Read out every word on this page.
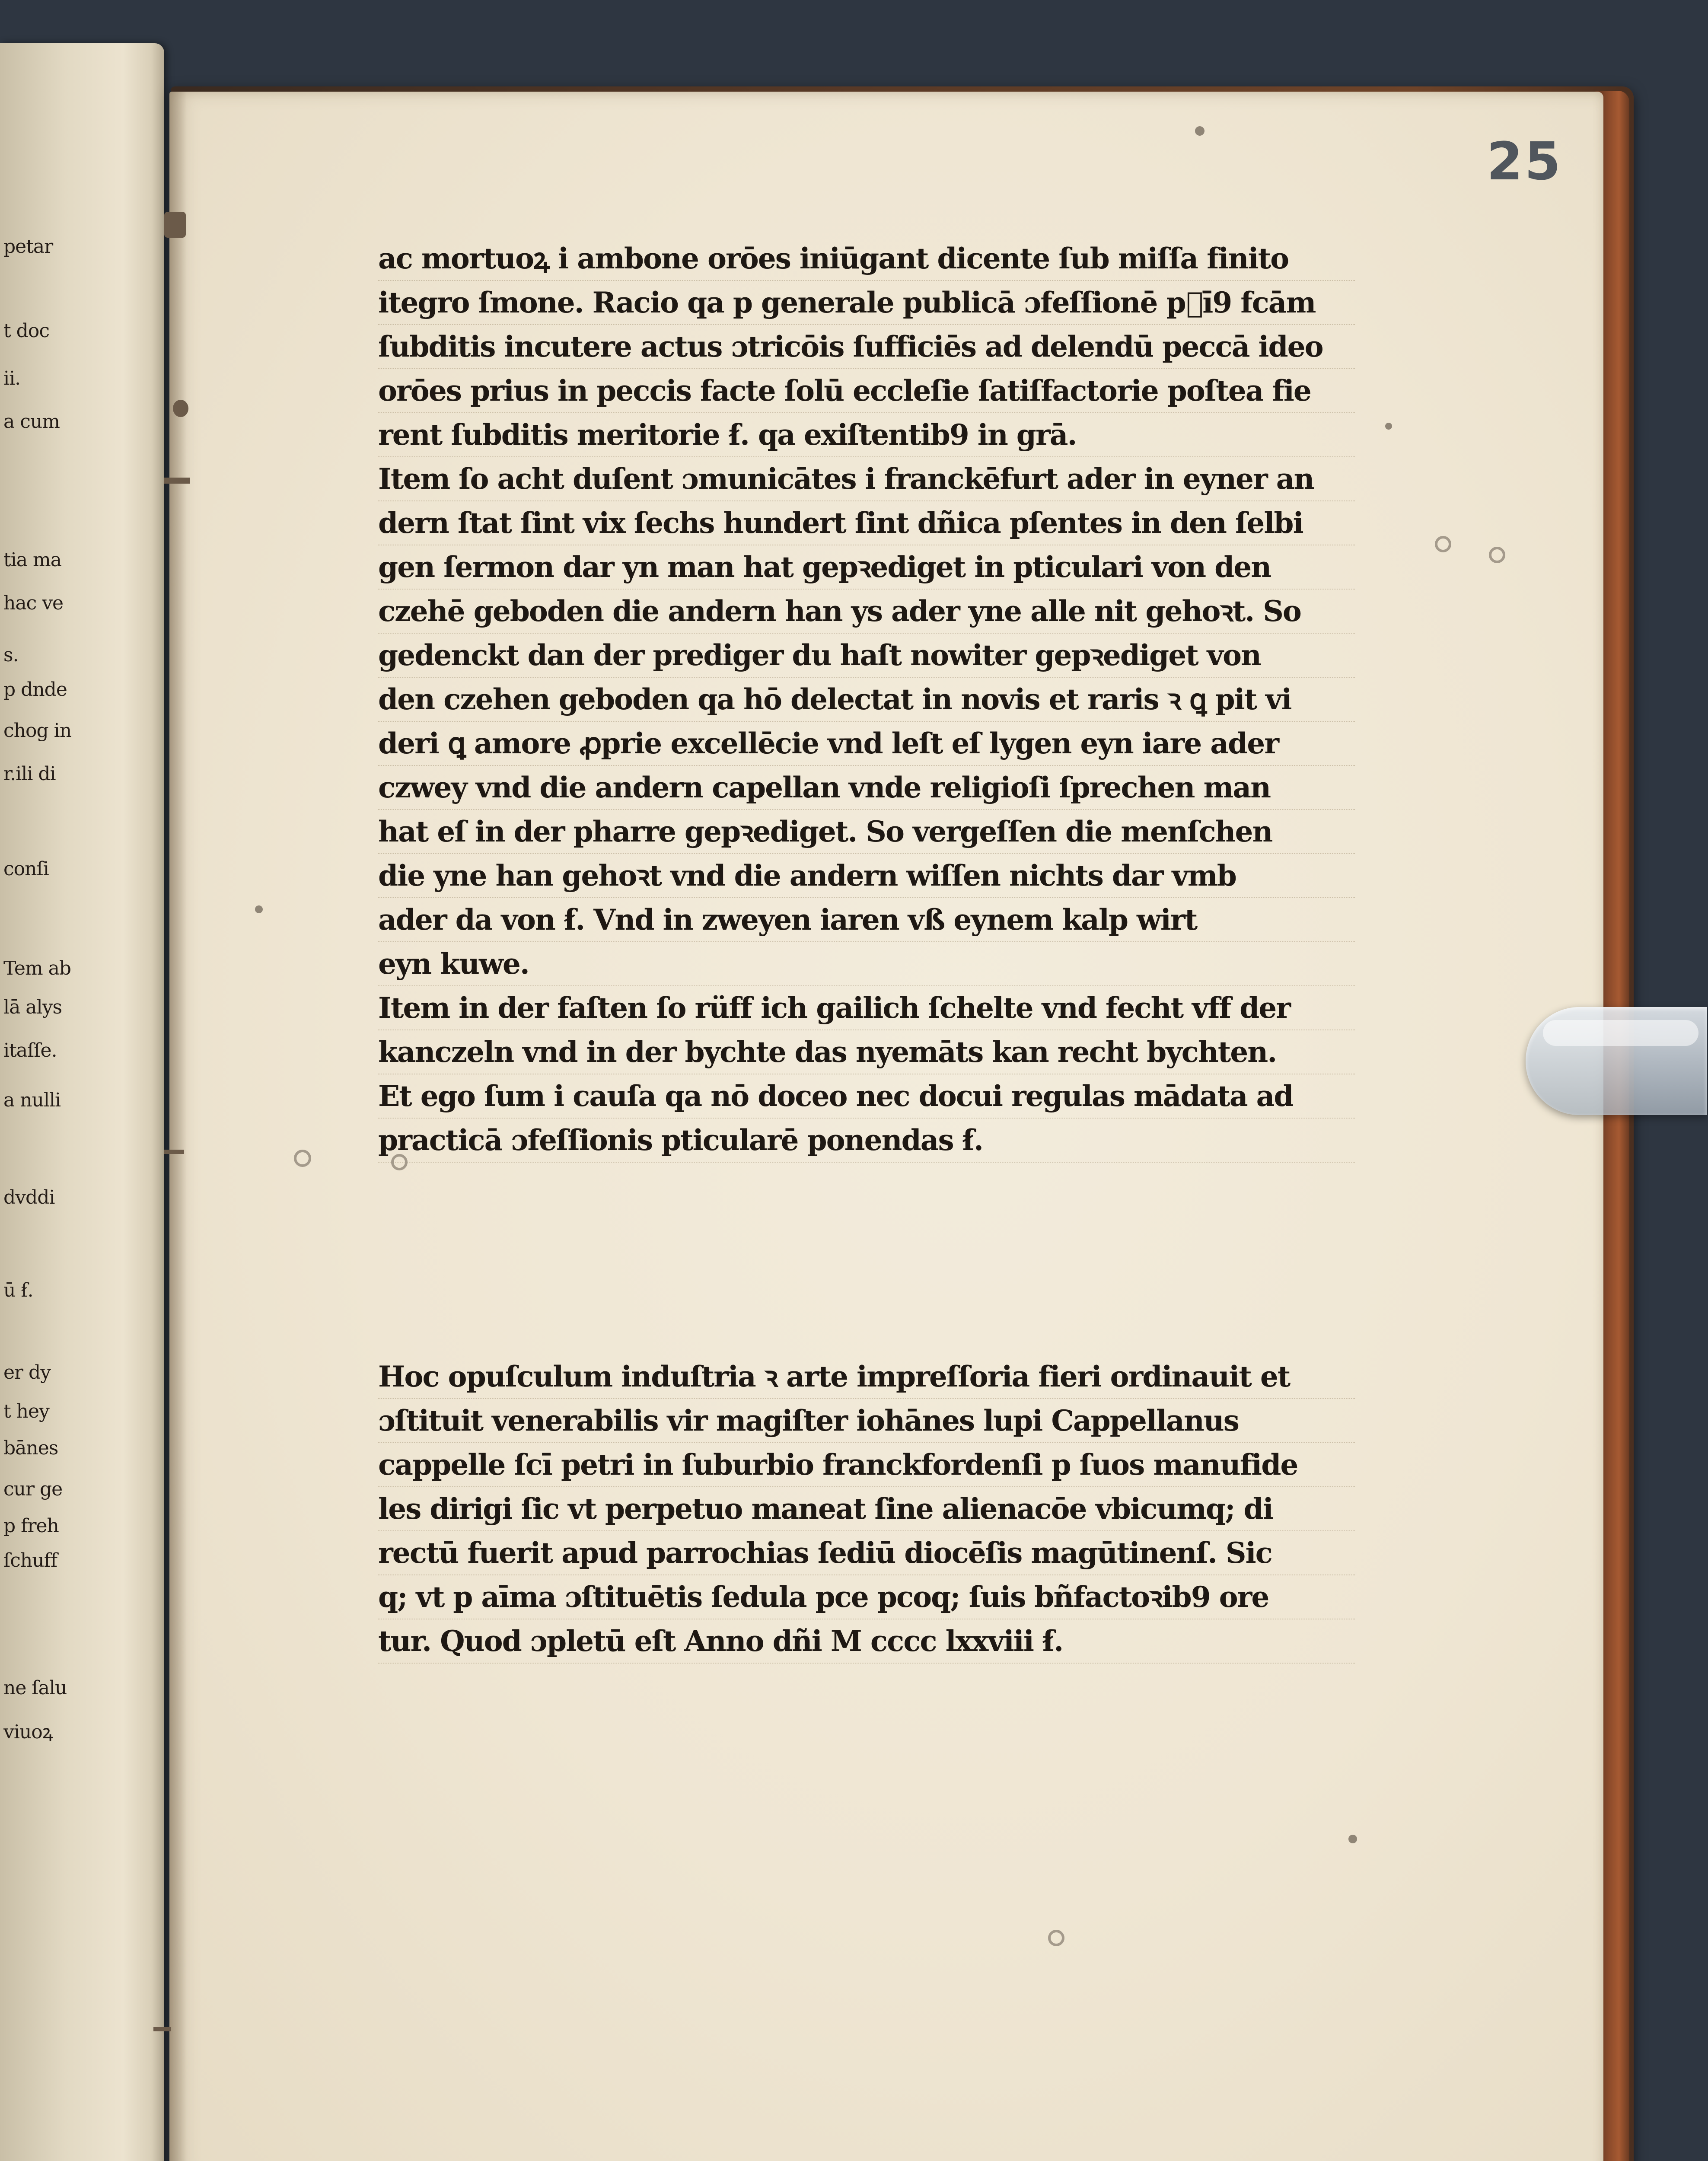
petar
t doc
ii.
a cum
tia ma
hac ve
s.
p dnde
chog in
r.ili di
conſi
Tem ab
lā alys
itaſſe.
a nulli
dvddi
ū ẜ.
er dy
t hey
bānes
cur ge
p freh
ſchuff
ne ſalu
viuoꝝ
25
ac mortuoꝝ i ambone orōes iniūgant dicente ſub miſſa finito
itegro ſmone. Racio qa p generale publicā ɔfeſſionē p᷑ī9 fcām
ſubditis incutere actus ɔtricōis ſufficiēs ad delendū peccā ideo
orōes prius in peccis facte ſolū eccleſie ſatiſfactorie poſtea fie
rent ſubditis meritorie ẜ. qa exiſtentib9 in grā.
Item ſo acht duſent ɔmunicātes i franckēfurt ader in eyner an
dern ſtat ſint vix ſechs hundert ſint dñica pſentes in den ſelbi
gen ſermon dar yn man hat gepꝛediget in pticulari von den
czehē geboden die andern han ys ader yne alle nit gehoꝛt. So
gedenckt dan der prediger du haſt nowiter gepꝛediget von
den czehen geboden qa hō delectat in novis et raris ꝛ ꝗ pit vi
deri ꝗ amore ꝓprie excellēcie vnd leſt eſ lygen eyn iare ader
czwey vnd die andern capellan vnde religioſi ſprechen man
hat eſ in der pharre gepꝛediget. So vergeſſen die menſchen
die yne han gehoꝛt vnd die andern wiſſen nichts dar vmb
ader da von ẜ. Vnd in zweyen iaren vß eynem kalp wirt
eyn kuwe.
Item in der faſten ſo rüff ich gailich ſchelte vnd fecht vff der
kanczeln vnd in der bychte das nyemāts kan recht bychten.
Et ego ſum i cauſa qa nō doceo nec docui regulas mādata ad
practicā ɔfeſſionis pticularē ponendas ẜ.
Hoc opuſculum induſtria ꝛ arte impreſſoria fieri ordinauit et
ɔſtituit venerabilis vir magiſter iohānes lupi Cappellanus
cappelle ſcī petri in ſuburbio franckfordenſi p ſuos manufide
les dirigi ſic vt perpetuo maneat ſine alienacōe vbicumq; di
rectū fuerit apud parrochias ſediū diocēſis magūtinenſ. Sic
q; vt p aīma ɔſtituētis ſedula pce pcoq; ſuis bñfactoꝛib9 ore
tur. Quod ɔpletū eſt Anno dñi M cccc lxxviii ẜ.
